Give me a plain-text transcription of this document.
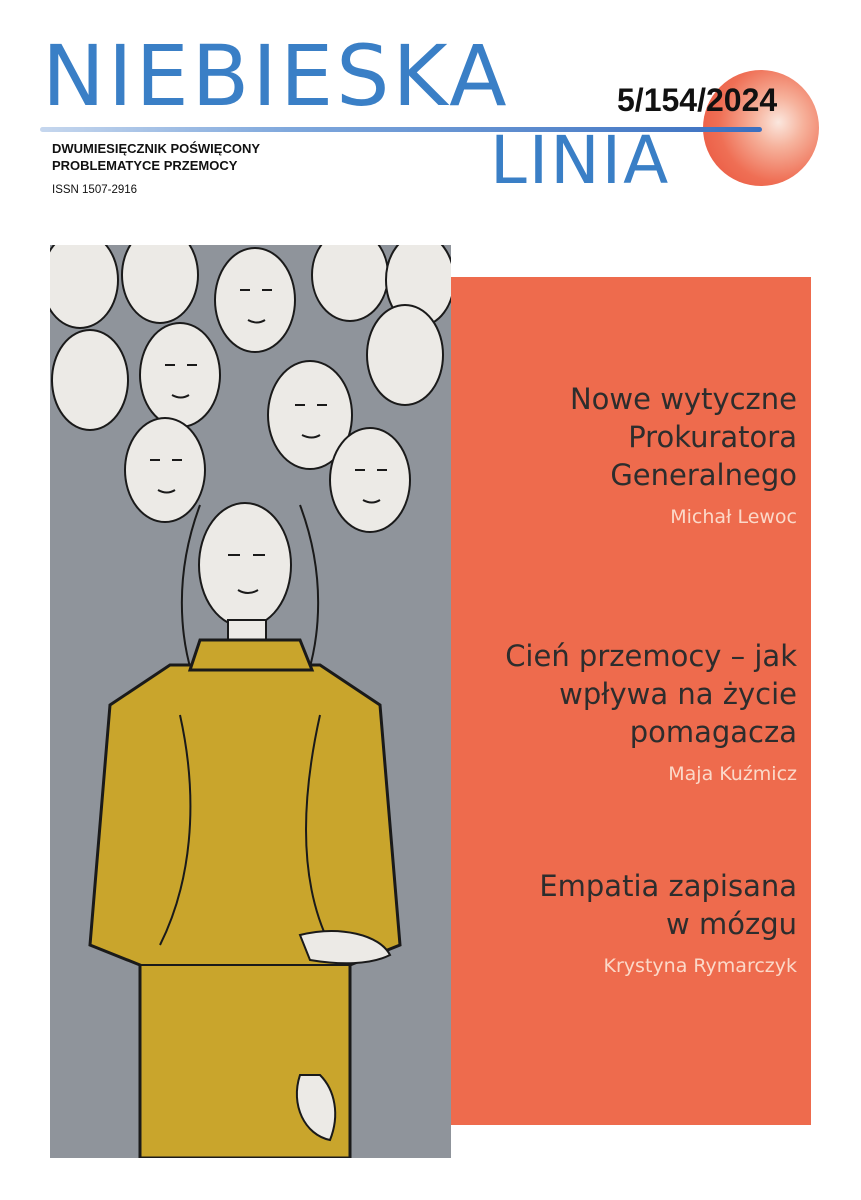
NIEBIESKA
LINIA
5/154/2024
DWUMIESIĘCZNIK POŚWIĘCONY
PROBLEMATYCE PRZEMOCY
ISSN 1507-2916
Nowe wytyczne
Prokuratora
Generalnego
Michał Lewoc
Cień przemocy – jak
wpływa na życie
pomagacza
Maja Kuźmicz
Empatia zapisana
w mózgu
Krystyna Rymarczyk
